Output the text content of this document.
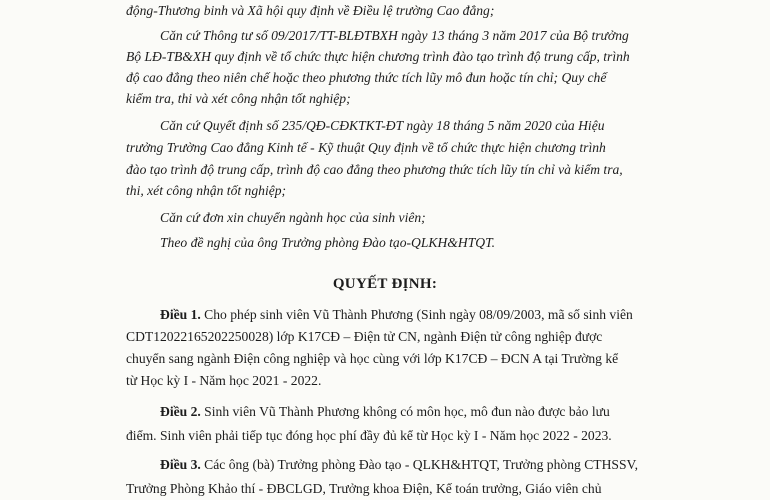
động-Thương binh và Xã hội quy định về Điều lệ trường Cao đẳng;
Căn cứ Thông tư số 09/2017/TT-BLĐTBXH ngày 13 tháng 3 năm 2017 của Bộ trưởng
Bộ LĐ-TB&XH quy định về tổ chức thực hiện chương trình đào tạo trình độ trung cấp, trình
độ cao đẳng theo niên chế hoặc theo phương thức tích lũy mô đun hoặc tín chỉ; Quy chế
kiểm tra, thi và xét công nhận tốt nghiệp;
Căn cứ Quyết định số 235/QĐ-CĐKTKT-ĐT ngày 18 tháng 5 năm 2020 của Hiệu
trưởng Trường Cao đẳng Kinh tế - Kỹ thuật Quy định về tổ chức thực hiện chương trình
đào tạo trình độ trung cấp, trình độ cao đẳng theo phương thức tích lũy tín chỉ và kiểm tra,
thi, xét công nhận tốt nghiệp;
Căn cứ đơn xin chuyển ngành học của sinh viên;
Theo đề nghị của ông Trưởng phòng Đào tạo-QLKH&HTQT.
QUYẾT ĐỊNH:
Điều 1. Cho phép sinh viên Vũ Thành Phương (Sinh ngày 08/09/2003, mã số sinh viên
CDT12022165202250028) lớp K17CĐ – Điện tử CN, ngành Điện tử công nghiệp được
chuyển sang ngành Điện công nghiệp và học cùng với lớp K17CĐ – ĐCN A tại Trường kể
từ Học kỳ I - Năm học 2021 - 2022.
Điều 2. Sinh viên Vũ Thành Phương không có môn học, mô đun nào được bảo lưu
điểm. Sinh viên phải tiếp tục đóng học phí đầy đủ kể từ Học kỳ I - Năm học 2022 - 2023.
Điều 3. Các ông (bà) Trưởng phòng Đào tạo - QLKH&HTQT, Trưởng phòng CTHSSV,
Trưởng Phòng Khảo thí - ĐBCLGD, Trưởng khoa Điện, Kế toán trưởng, Giáo viên chủ
